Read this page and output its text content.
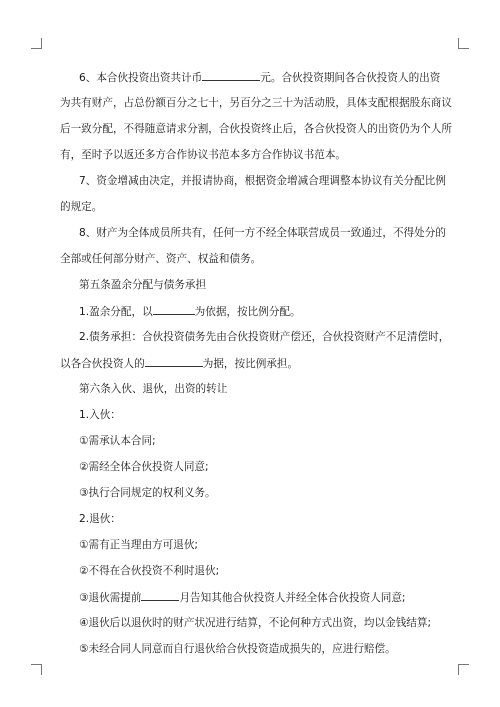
6、本合伙投资出资共计币	元。合伙投资期间各合伙投资人的出资
为共有财产，占总份额百分之七十，另百分之三十为活动股，具体支配根据股东商议
后一致分配，不得随意请求分割，合伙投资终止后，各合伙投资人的出资仍为个人所
有，至时予以返还多方合作协议书范本多方合作协议书范本。
7、资金增减由决定，并报请协商，根据资金增减合理调整本协议有关分配比例
的规定。
8、财产为全体成员所共有，任何一方不经全体联营成员一致通过，不得处分的
全部或任何部分财产、资产、权益和债务。
第五条盈余分配与债务承担
1.盈余分配，以	为依据，按比例分配。
2.债务承担：合伙投资债务先由合伙投资财产偿还，合伙投资财产不足清偿时，
以各合伙投资人的	为据，按比例承担。
第六条入伙、退伙，出资的转让
1.入伙：
①需承认本合同;
②需经全体合伙投资人同意;
③执行合同规定的权利义务。
2.退伙：
①需有正当理由方可退伙;
②不得在合伙投资不利时退伙;
③退伙需提前	月告知其他合伙投资人并经全体合伙投资人同意;
④退伙后以退伙时的财产状况进行结算，不论何种方式出资，均以金钱结算;
⑤未经合同人同意而自行退伙给合伙投资造成损失的，应进行赔偿。
